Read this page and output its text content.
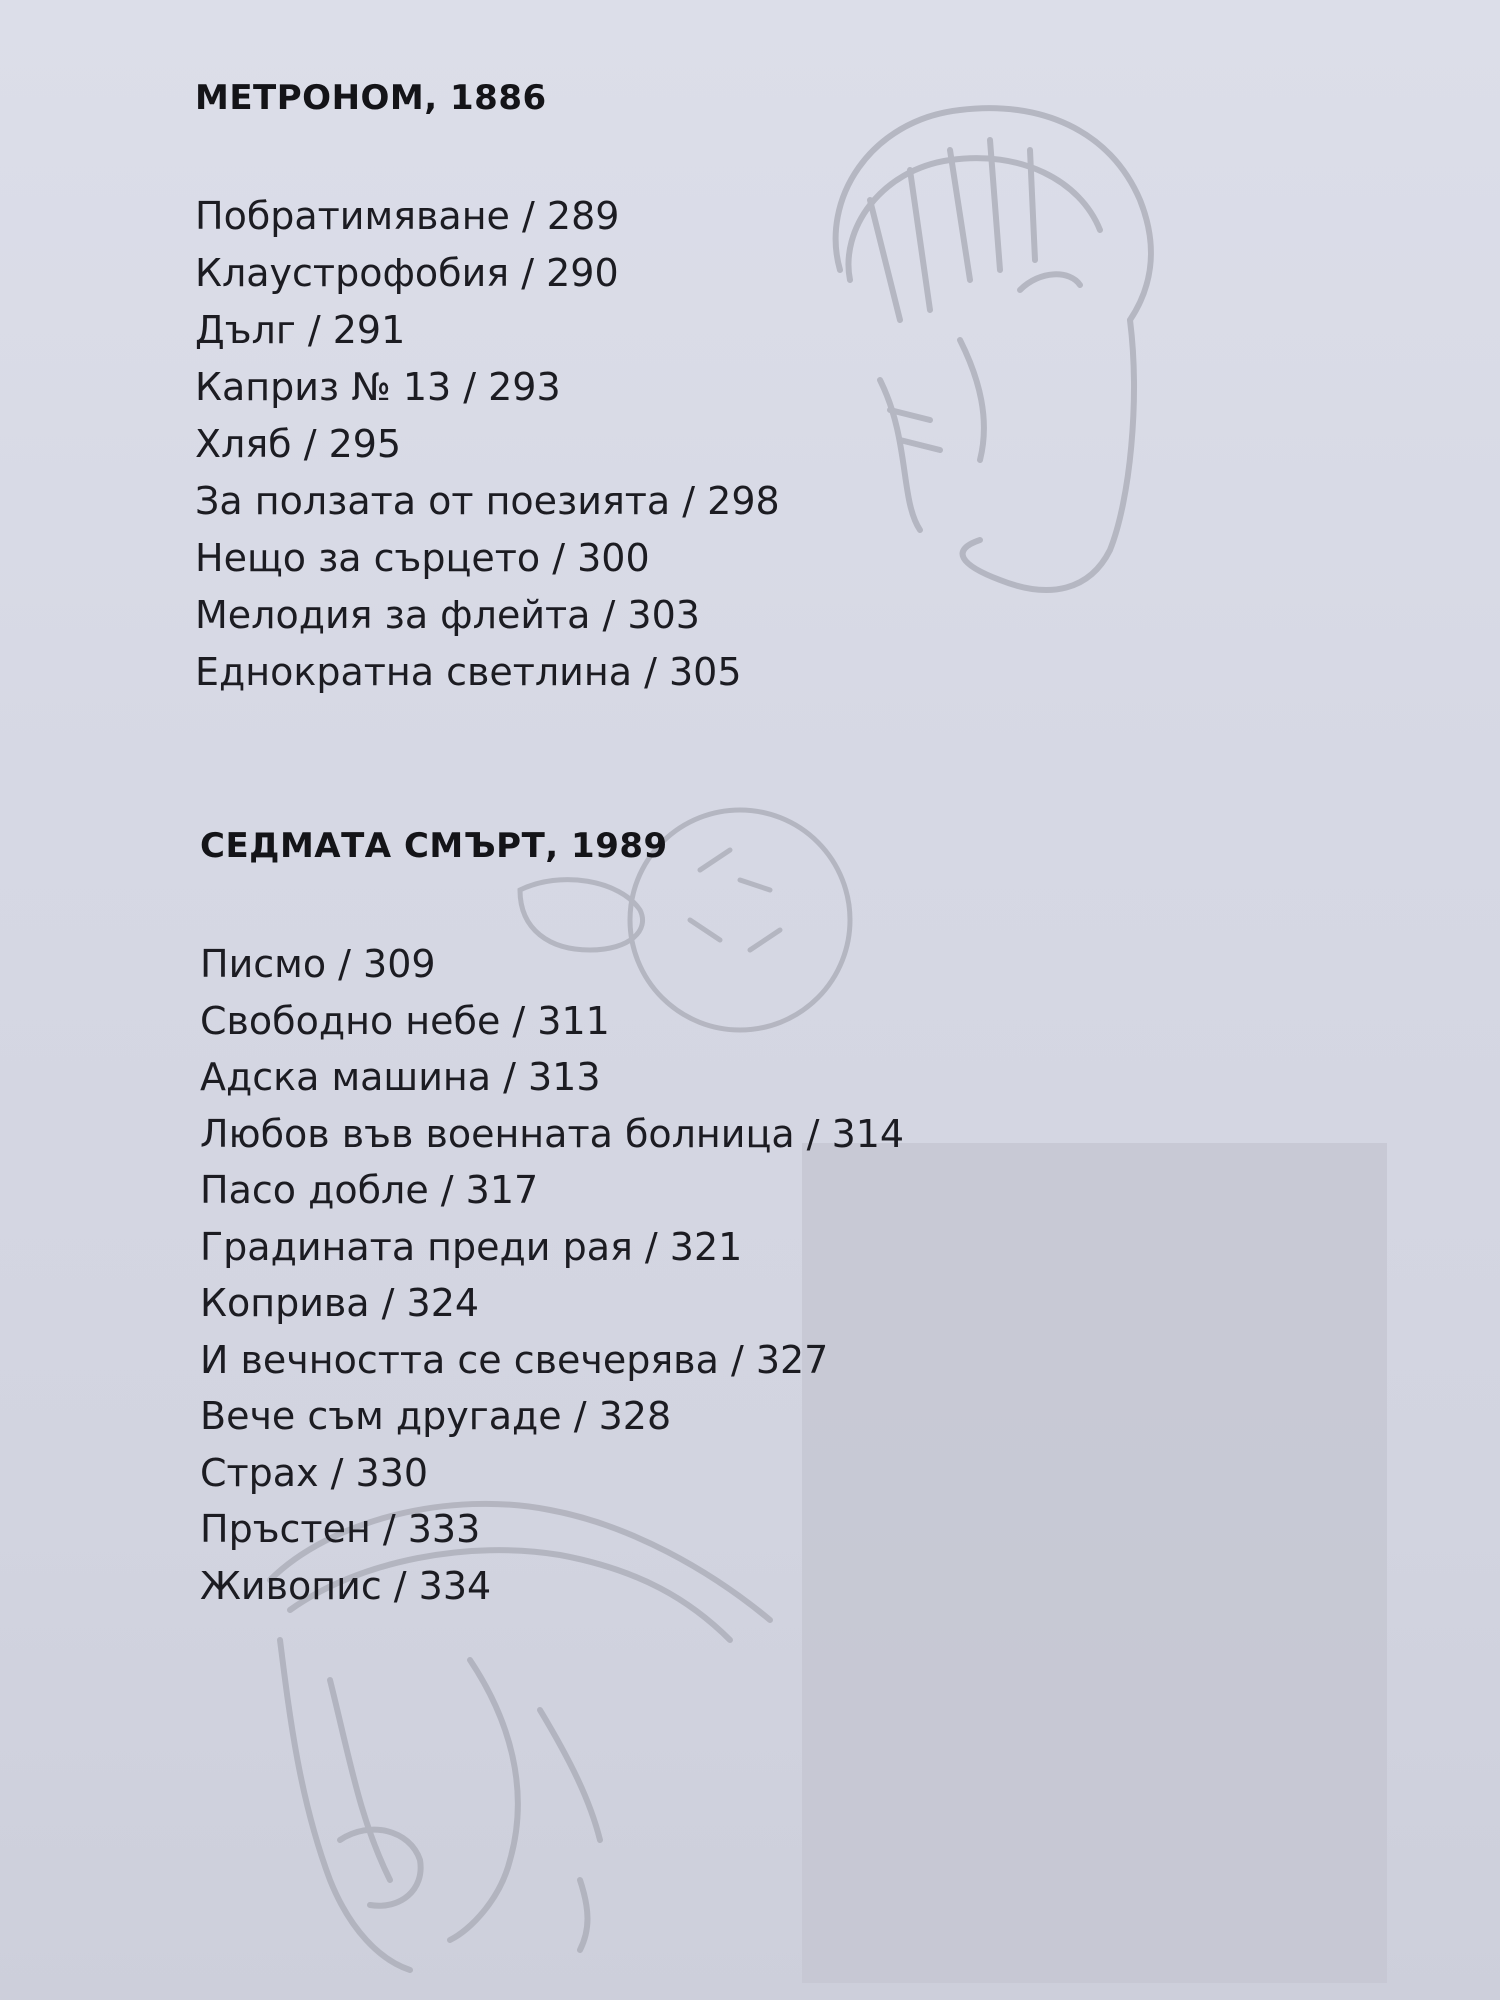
МЕТРОНОМ, 1886
Побратимяване / 289
Клаустрофобия / 290
Дълг / 291
Каприз № 13 / 293
Хляб / 295
За ползата от поезията / 298
Нещо за сърцето / 300
Мелодия за флейта / 303
Еднократна светлина / 305
СЕДМАТА СМЪРТ, 1989
Писмо / 309
Свободно небе / 311
Адска машина / 313
Любов във военната болница / 314
Пасо добле / 317
Градината преди рая / 321
Коприва / 324
И вечността се свечерява / 327
Вече съм другаде / 328
Страх / 330
Пръстен / 333
Живопис / 334
